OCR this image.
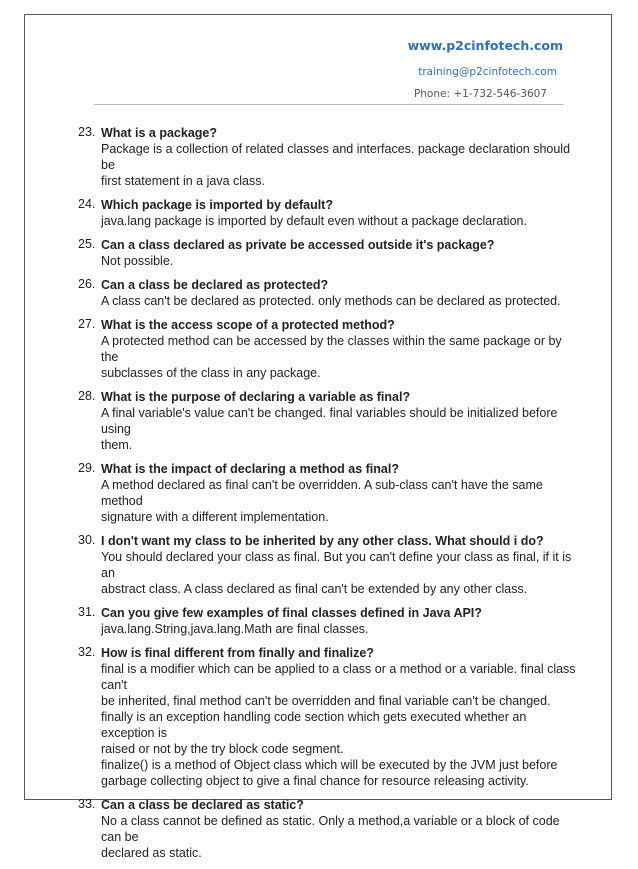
www.p2cinfotech.com
training@p2cinfotech.com
Phone: +1-732-546-3607
23. What is a package?
Package is a collection of related classes and interfaces. package declaration should be
first statement in a java class.
24. Which package is imported by default?
java.lang package is imported by default even without a package declaration.
25. Can a class declared as private be accessed outside it's package?
Not possible.
26. Can a class be declared as protected?
A class can't be declared as protected. only methods can be declared as protected.
27. What is the access scope of a protected method?
A protected method can be accessed by the classes within the same package or by the
subclasses of the class in any package.
28. What is the purpose of declaring a variable as final?
A final variable's value can't be changed. final variables should be initialized before using
them.
29. What is the impact of declaring a method as final?
A method declared as final can't be overridden. A sub-class can't have the same method
signature with a different implementation.
30. I don't want my class to be inherited by any other class. What should i do?
You should declared your class as final. But you can't define your class as final, if it is an
abstract class. A class declared as final can't be extended by any other class.
31. Can you give few examples of final classes defined in Java API?
java.lang.String,java.lang.Math are final classes.
32. How is final different from finally and finalize?
final is a modifier which can be applied to a class or a method or a variable. final class can't
be inherited, final method can't be overridden and final variable can't be changed.
finally is an exception handling code section which gets executed whether an exception is
raised or not by the try block code segment.
finalize() is a method of Object class which will be executed by the JVM just before
garbage collecting object to give a final chance for resource releasing activity.
33. Can a class be declared as static?
No a class cannot be defined as static. Only a method,a variable or a block of code can be
declared as static.
